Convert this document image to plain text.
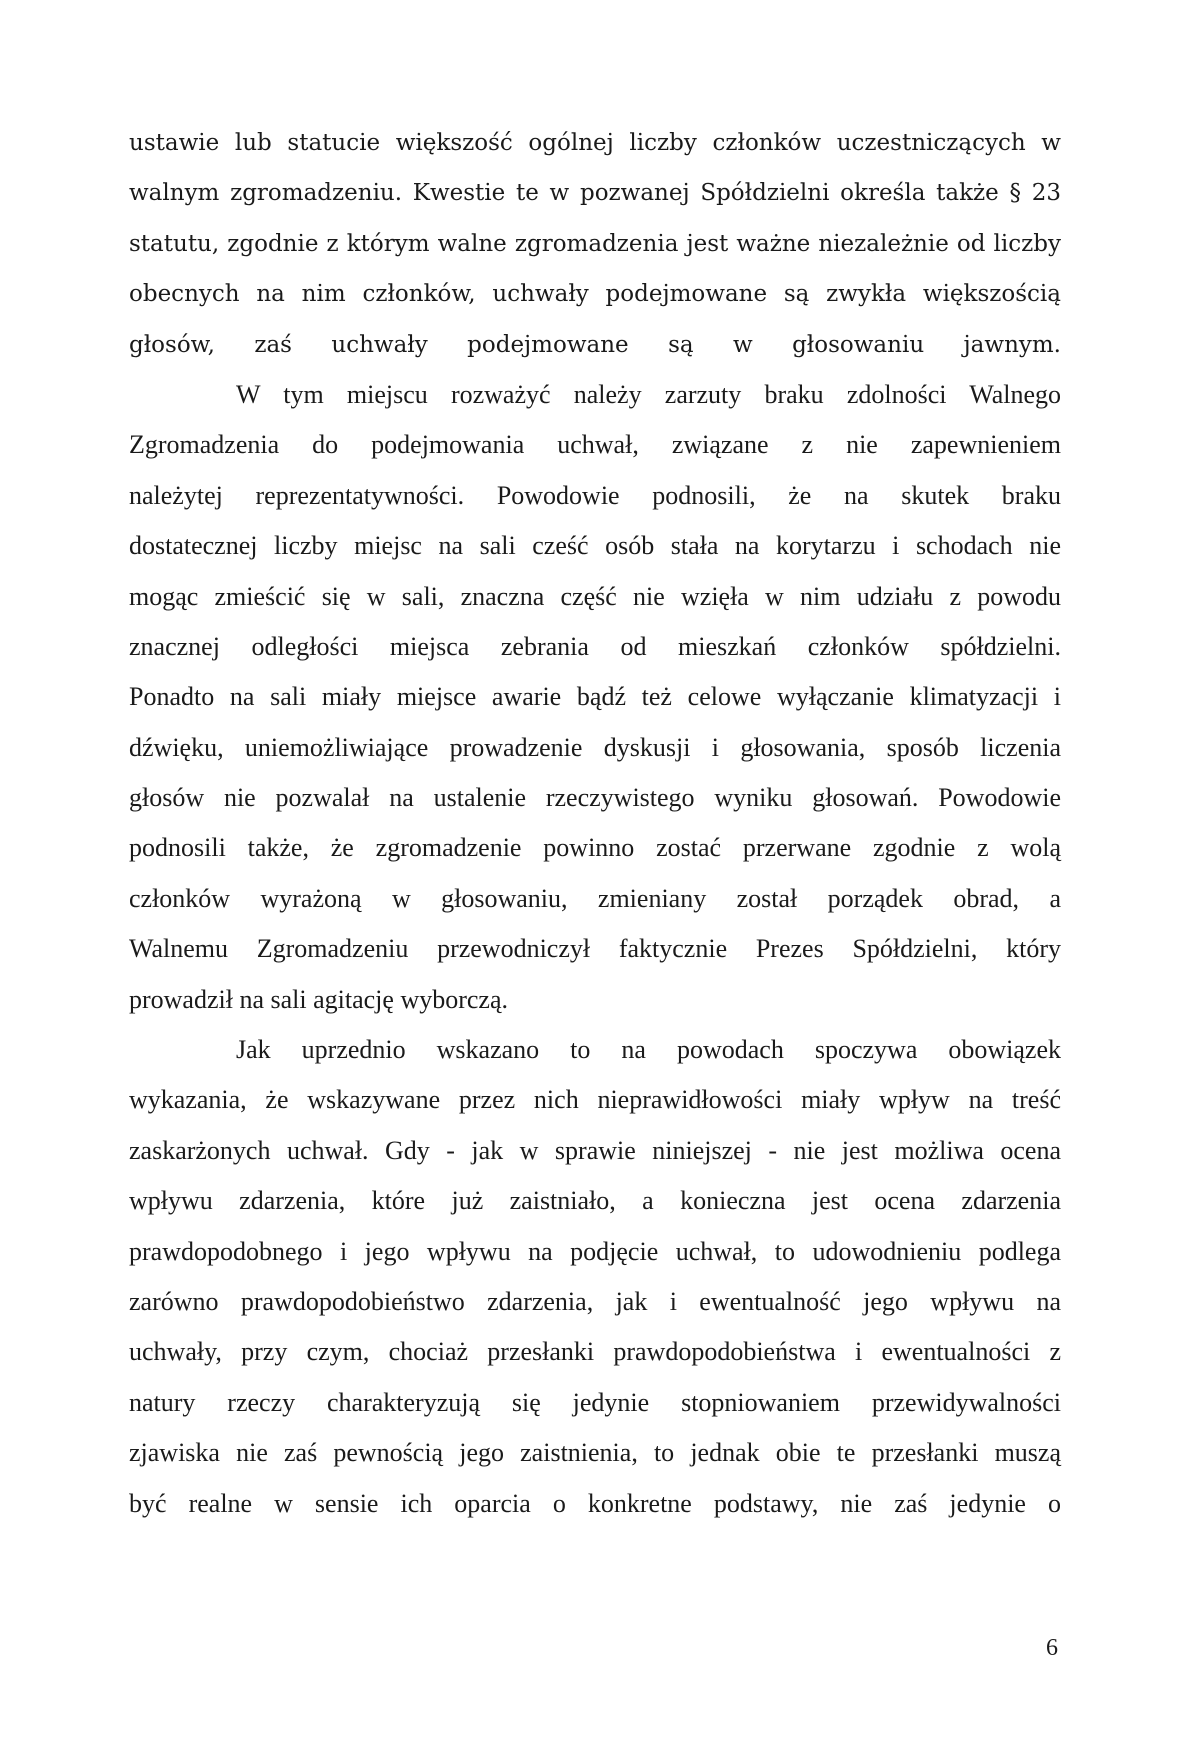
ustawie lub statucie większość ogólnej liczby członków uczestniczących w
walnym zgromadzeniu. Kwestie te w pozwanej Spółdzielni określa także § 23
statutu, zgodnie z którym walne zgromadzenia jest ważne niezależnie od liczby
obecnych na nim członków, uchwały podejmowane są zwykła większością
głosów, zaś uchwały podejmowane są w głosowaniu jawnym.
W tym miejscu rozważyć należy zarzuty braku zdolności Walnego
Zgromadzenia do podejmowania uchwał, związane z nie zapewnieniem
należytej reprezentatywności. Powodowie podnosili, że na skutek braku
dostatecznej liczby miejsc na sali cześć osób stała na korytarzu i schodach nie
mogąc zmieścić się w sali, znaczna część nie wzięła w nim udziału z powodu
znacznej odległości miejsca zebrania od mieszkań członków spółdzielni.
Ponadto na sali miały miejsce awarie bądź też celowe wyłączanie klimatyzacji i
dźwięku, uniemożliwiające prowadzenie dyskusji i głosowania, sposób liczenia
głosów nie pozwalał na ustalenie rzeczywistego wyniku głosowań. Powodowie
podnosili także, że zgromadzenie powinno zostać przerwane zgodnie z wolą
członków wyrażoną w głosowaniu, zmieniany został porządek obrad, a
Walnemu Zgromadzeniu przewodniczył faktycznie Prezes Spółdzielni, który
prowadził na sali agitację wyborczą.
Jak uprzednio wskazano to na powodach spoczywa obowiązek
wykazania, że wskazywane przez nich nieprawidłowości miały wpływ na treść
zaskarżonych uchwał. Gdy - jak w sprawie niniejszej - nie jest możliwa ocena
wpływu zdarzenia, które już zaistniało, a konieczna jest ocena zdarzenia
prawdopodobnego i jego wpływu na podjęcie uchwał, to udowodnieniu podlega
zarówno prawdopodobieństwo zdarzenia, jak i ewentualność jego wpływu na
uchwały, przy czym, chociaż przesłanki prawdopodobieństwa i ewentualności z
natury rzeczy charakteryzują się jedynie stopniowaniem przewidywalności
zjawiska nie zaś pewnością jego zaistnienia, to jednak obie te przesłanki muszą
być realne w sensie ich oparcia o konkretne podstawy, nie zaś jedynie o
6
